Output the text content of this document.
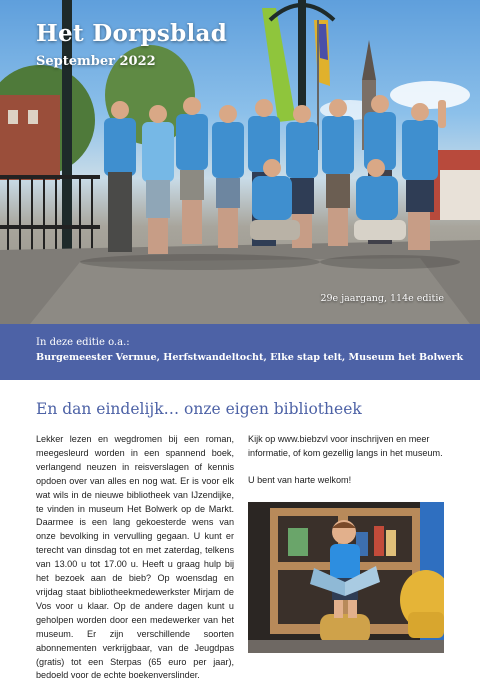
Het Dorpsblad
September 2022
29e jaargang, 114e editie
In deze editie o.a.:
Burgemeester Vermue, Herfstwandeltocht, Elke stap telt, Museum het Bolwerk
En dan eindelijk… onze eigen bibliotheek

Lekker lezen en wegdromen bij een roman, meegesleurd worden in een spannend boek, verlangend neuzen in reisverslagen of kennis opdoen over van alles en nog wat. Er is voor elk wat wils in de nieuwe bibliotheek van IJzendijke, te vinden in museum Het Bolwerk op de Markt. Daarmee is een lang gekoesterde wens van onze bevolking in vervulling gegaan. U kunt er terecht van dinsdag tot en met zaterdag, telkens van 13.00 u tot 17.00 u. Heeft u graag hulp bij het bezoek aan de bieb? Op woensdag en vrijdag staat bibliotheekmedewerkster Mirjam de Vos voor u klaar. Op de andere dagen kunt u geholpen worden door een medewerker van het museum. Er zijn verschillende soorten abonnementen verkrijgbaar, van de Jeugdpas (gratis) tot een Sterpas (65 euro per jaar), bedoeld voor de echte boekenverslinder.

Kijk op www.biebzvl voor inschrijven en meer informatie, of kom gezellig langs in het museum.

U bent van harte welkom!
